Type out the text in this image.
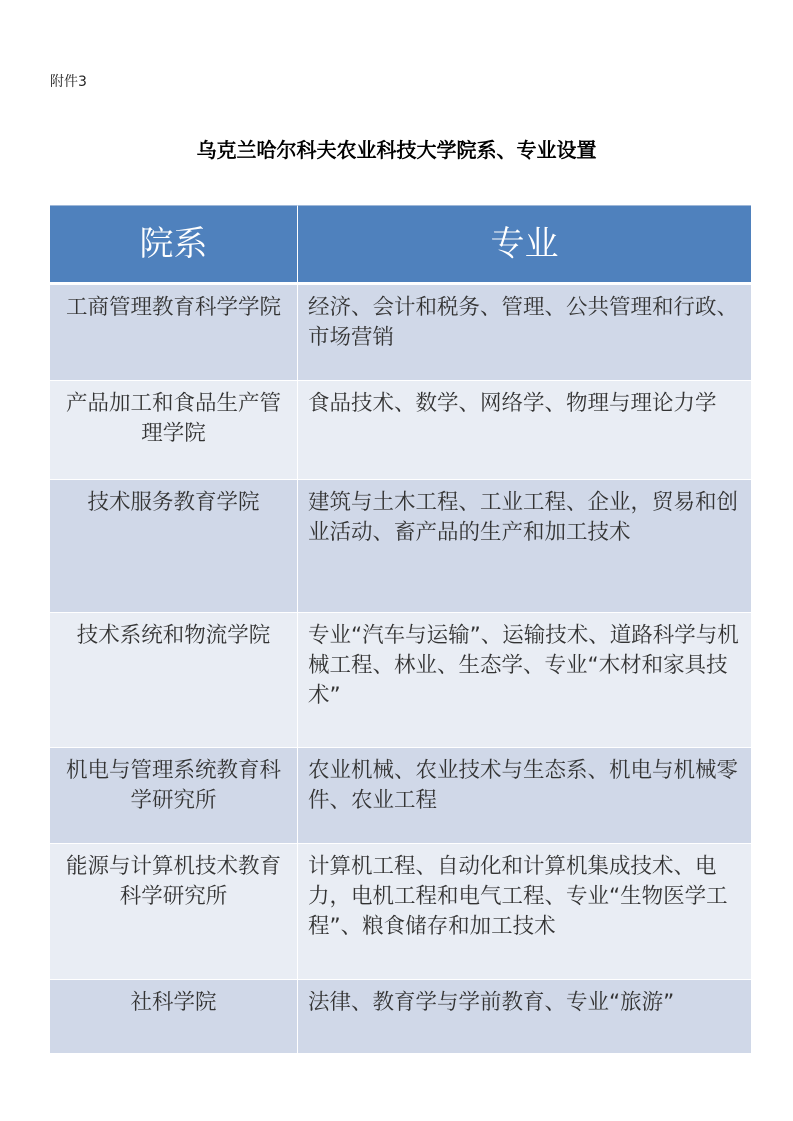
附件3
乌克兰哈尔科夫农业科技大学院系、专业设置
院系	专业
工商管理教育科学学院	经济、会计和税务、管理、公共管理和行政、市场营销
产品加工和食品生产管理学院	食品技术、数学、网络学、物理与理论力学
技术服务教育学院	建筑与土木工程、工业工程、企业，贸易和创业活动、畜产品的生产和加工技术
技术系统和物流学院	专业“汽车与运输”、运输技术、道路科学与机械工程、林业、生态学、专业“木材和家具技术”
机电与管理系统教育科学研究所	农业机械、农业技术与生态系、机电与机械零件、农业工程
能源与计算机技术教育科学研究所	计算机工程、自动化和计算机集成技术、电力，电机工程和电气工程、专业“生物医学工程”、粮食储存和加工技术
社科学院	法律、教育学与学前教育、专业“旅游”
